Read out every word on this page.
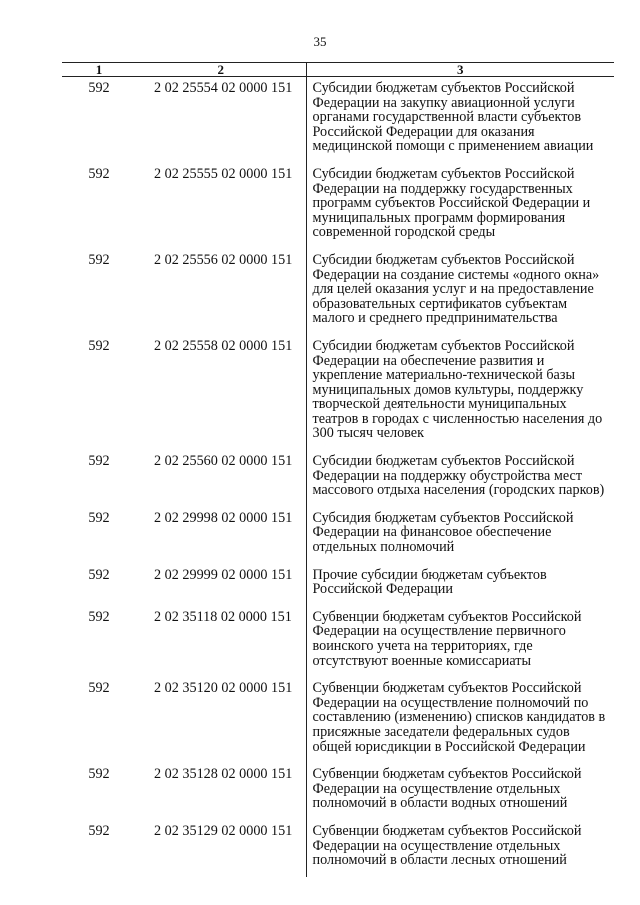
35
1	2	3
592	2 02 25554 02 0000 151	Субсидии бюджетам субъектов Российской Федерации на закупку авиационной услуги органами государственной власти субъектов Российской Федерации для оказания медицинской помощи с применением авиации
592	2 02 25555 02 0000 151	Субсидии бюджетам субъектов Российской Федерации на поддержку государственных программ субъектов Российской Федерации и муниципальных программ формирования современной городской среды
592	2 02 25556 02 0000 151	Субсидии бюджетам субъектов Российской Федерации на создание системы «одного окна» для целей оказания услуг и на предоставление образовательных сертификатов субъектам малого и среднего предпринимательства
592	2 02 25558 02 0000 151	Субсидии бюджетам субъектов Российской Федерации на обеспечение развития и укрепление материально-технической базы муниципальных домов культуры, поддержку творческой деятельности муниципальных театров в городах с численностью населения до 300 тысяч человек
592	2 02 25560 02 0000 151	Субсидии бюджетам субъектов Российской Федерации на поддержку обустройства мест массового отдыха населения (городских парков)
592	2 02 29998 02 0000 151	Субсидия бюджетам субъектов Российской Федерации на финансовое обеспечение отдельных полномочий
592	2 02 29999 02 0000 151	Прочие субсидии бюджетам субъектов Российской Федерации
592	2 02 35118 02 0000 151	Субвенции бюджетам субъектов Российской Федерации на осуществление первичного воинского учета на территориях, где отсутствуют военные комиссариаты
592	2 02 35120 02 0000 151	Субвенции бюджетам субъектов Российской Федерации на осуществление полномочий по составлению (изменению) списков кандидатов в присяжные заседатели федеральных судов общей юрисдикции в Российской Федерации
592	2 02 35128 02 0000 151	Субвенции бюджетам субъектов Российской Федерации на осуществление отдельных полномочий в области водных отношений
592	2 02 35129 02 0000 151	Субвенции бюджетам субъектов Российской Федерации на осуществление отдельных полномочий в области лесных отношений
